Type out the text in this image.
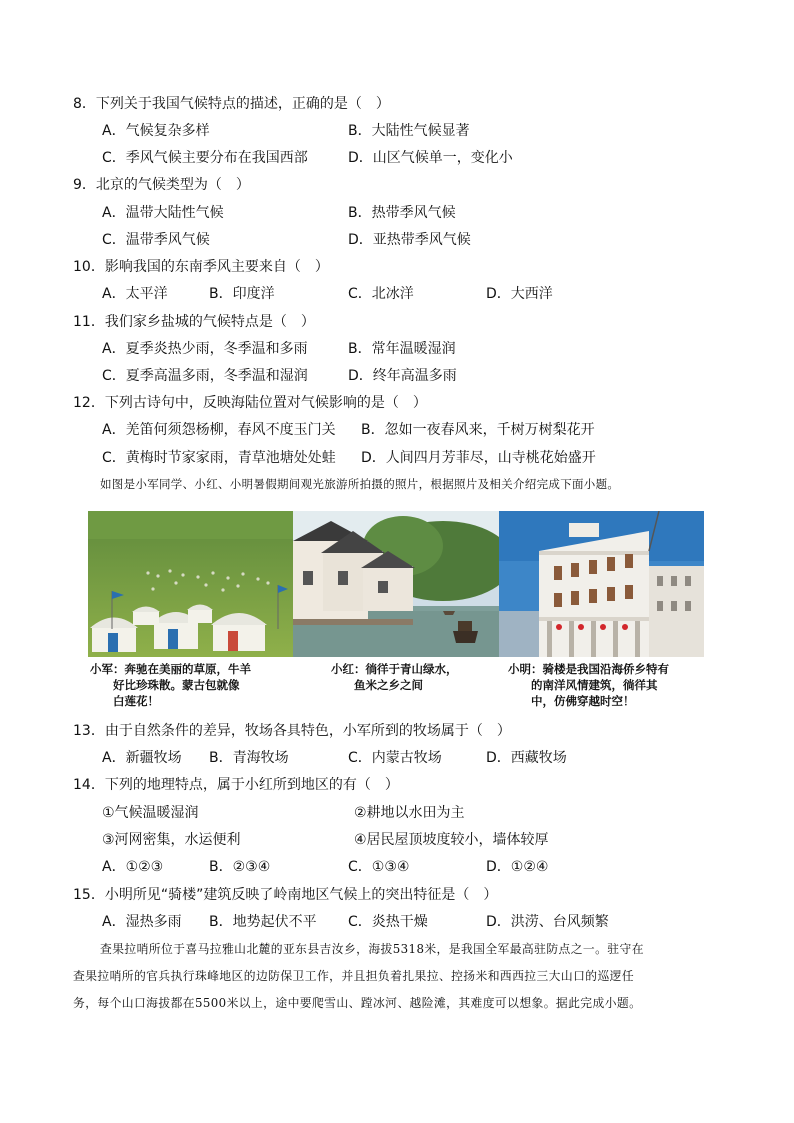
8．下列关于我国气候特点的描述，正确的是（　）
A．气候复杂多样	B．大陆性气候显著
C．季风气候主要分布在我国西部	D．山区气候单一，变化小
9．北京的气候类型为（　）
A．温带大陆性气候	B．热带季风气候
C．温带季风气候	D．亚热带季风气候
10．影响我国的东南季风主要来自（　）
A．太平洋	B．印度洋	C．北冰洋	D．大西洋
11．我们家乡盐城的气候特点是（　）
A．夏季炎热少雨，冬季温和多雨	B．常年温暖湿润
C．夏季高温多雨，冬季温和湿润	D．终年高温多雨
12．下列古诗句中，反映海陆位置对气候影响的是（　）
A．羌笛何须怨杨柳，春风不度玉门关 B．忽如一夜春风来，千树万树梨花开
C．黄梅时节家家雨，青草池塘处处蛙 D．人间四月芳菲尽，山寺桃花始盛开
如图是小军同学、小红、小明暑假期间观光旅游所拍摄的照片，根据照片及相关介绍完成下面小题。
小军：奔驰在美丽的草原，牛羊
　　好比珍珠散。蒙古包就像
　　白莲花！
小红：徜徉于青山绿水，
　　鱼米之乡之间
小明：骑楼是我国沿海侨乡特有
　　的南洋风情建筑，徜徉其
　　中，仿佛穿越时空！
13．由于自然条件的差异，牧场各具特色，小军所到的牧场属于（　）
A．新疆牧场 B．青海牧场	C．内蒙古牧场	D．西藏牧场
14．下列的地理特点，属于小红所到地区的有（　）
①气候温暖湿润	②耕地以水田为主
③河网密集，水运便利	④居民屋顶坡度较小，墙体较厚
A．①②③	B．②③④	C．①③④	D．①②④
15．小明所见“骑楼”建筑反映了岭南地区气候上的突出特征是（　）
A．湿热多雨 B．地势起伏不平 C．炎热干燥	D．洪涝、台风频繁
查果拉哨所位于喜马拉雅山北麓的亚东县吉汝乡，海拔5318米，是我国全军最高驻防点之一。驻守在
查果拉哨所的官兵执行珠峰地区的边防保卫工作，并且担负着扎果拉、控扬米和西西拉三大山口的巡逻任
务，每个山口海拔都在5500米以上，途中要爬雪山、蹚冰河、越险滩，其难度可以想象。据此完成小题。
